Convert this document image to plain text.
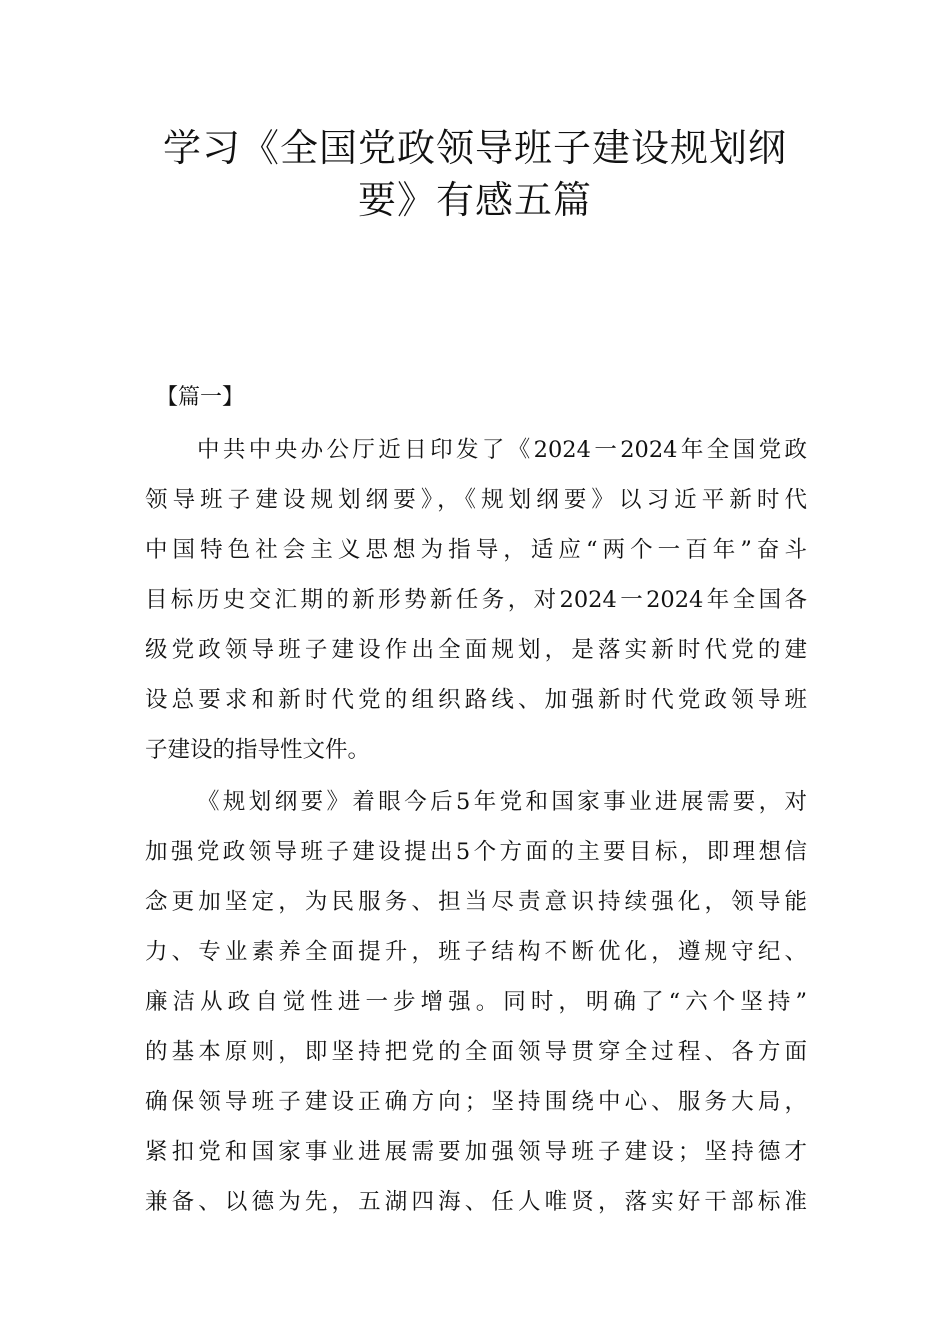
学习《全国党政领导班子建设规划纲
要》有感五篇
【篇一】

中共中央办公厅近日印发了《2024一2024年全国党政
领导班子建设规划纲要》，《规划纲要》以习近平新时代
中国特色社会主义思想为指导，适应“两个一百年”奋斗
目标历史交汇期的新形势新任务，对2024一2024年全国各
级党政领导班子建设作出全面规划，是落实新时代党的建
设总要求和新时代党的组织路线、加强新时代党政领导班
子建设的指导性文件。

《规划纲要》着眼今后5年党和国家事业进展需要，对
加强党政领导班子建设提出5个方面的主要目标，即理想信
念更加坚定，为民服务、担当尽责意识持续强化，领导能
力、专业素养全面提升，班子结构不断优化，遵规守纪、
廉洁从政自觉性进一步增强。同时，明确了“六个坚持”
的基本原则，即坚持把党的全面领导贯穿全过程、各方面
确保领导班子建设正确方向；坚持围绕中心、服务大局，
紧扣党和国家事业进展需要加强领导班子建设；坚持德才
兼备、以德为先，五湖四海、任人唯贤，落实好干部标准
